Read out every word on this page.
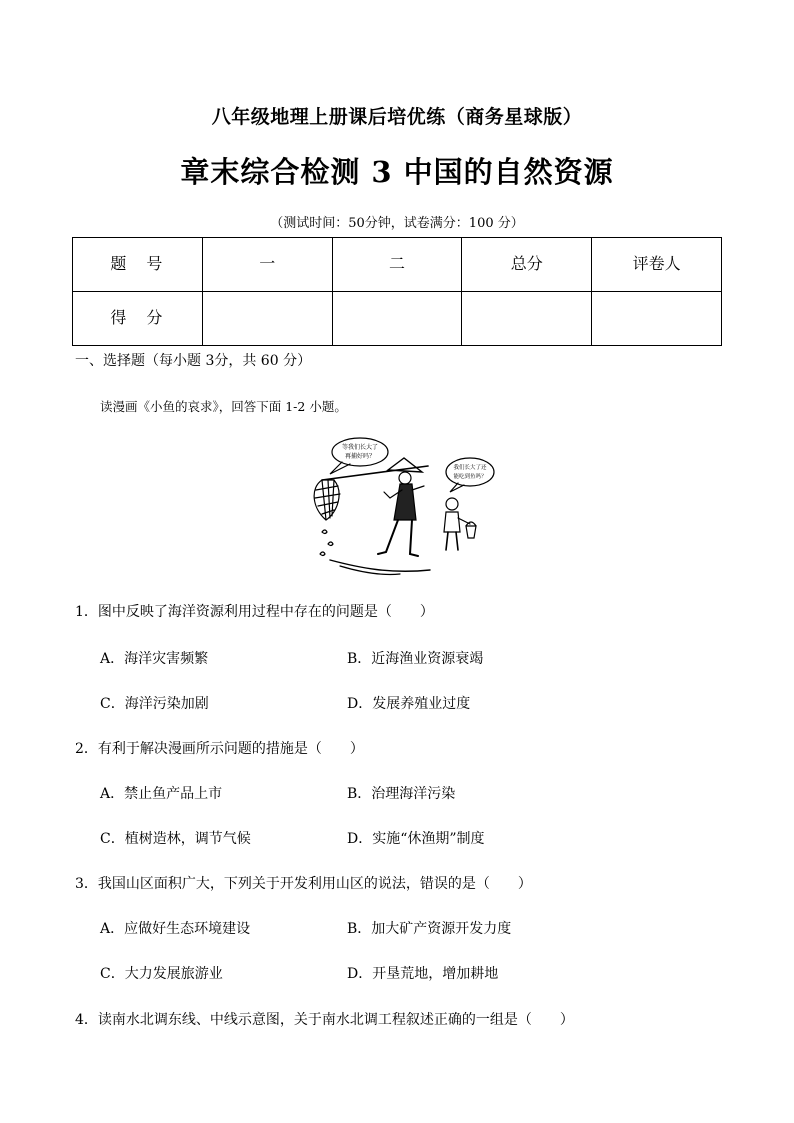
八年级地理上册课后培优练（商务星球版）
章末综合检测 3 中国的自然资源
（测试时间：50分钟，试卷满分：100 分）
题　号	一	二	总分	评卷人
得　分				
一、选择题（每小题 3分，共 60 分）
读漫画《小鱼的哀求》，回答下面 1-2 小题。
等我们长大了
再捕好吗？
我们长大了还
能吃到鱼吗？
1．图中反映了海洋资源利用过程中存在的问题是（　　）
A．海洋灾害频繁	B．近海渔业资源衰竭
C．海洋污染加剧	D．发展养殖业过度
2．有利于解决漫画所示问题的措施是（　　）
A．禁止鱼产品上市	B．治理海洋污染
C．植树造林，调节气候	D．实施“休渔期”制度
3．我国山区面积广大，下列关于开发利用山区的说法，错误的是（　　）
A．应做好生态环境建设	B．加大矿产资源开发力度
C．大力发展旅游业	D．开垦荒地，增加耕地
4．读南水北调东线、中线示意图，关于南水北调工程叙述正确的一组是（　　）
